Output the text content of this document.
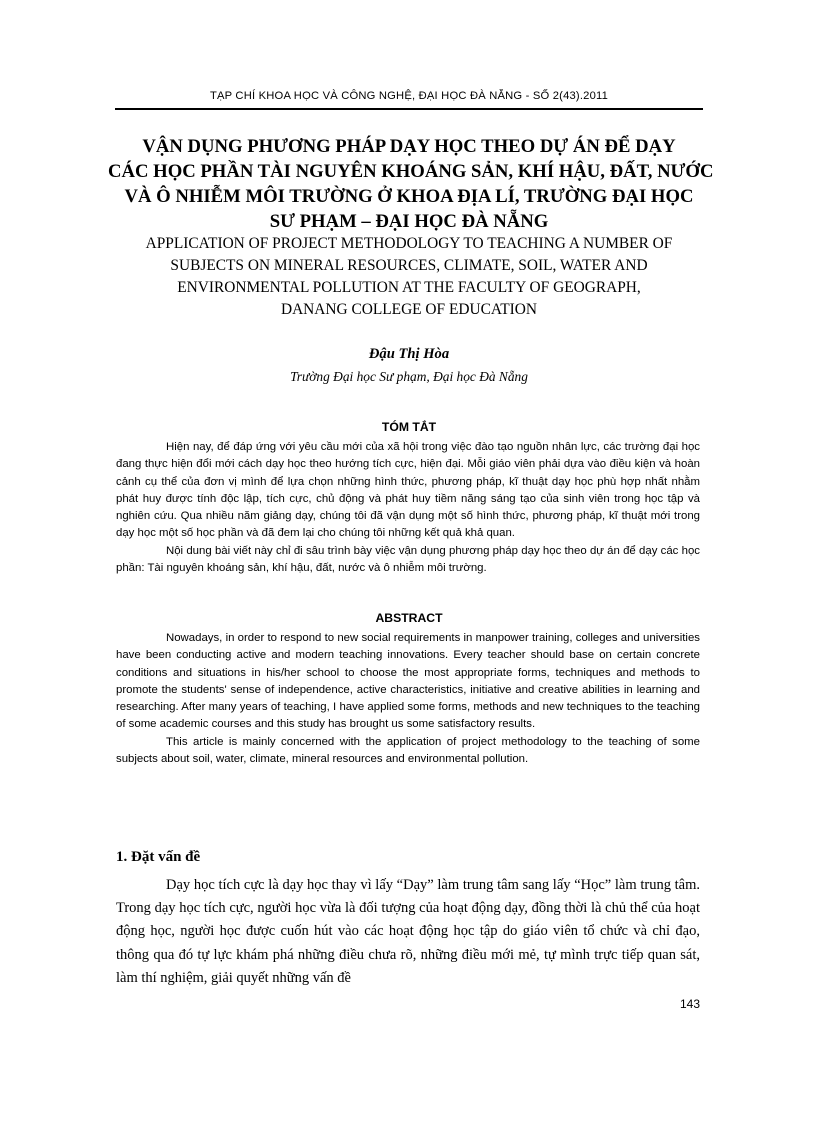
TẠP CHÍ KHOA HỌC VÀ CÔNG NGHỆ, ĐẠI HỌC ĐÀ NẴNG - SỐ 2(43).2011
VẬN DỤNG PHƯƠNG PHÁP DẠY HỌC THEO DỰ ÁN ĐỂ DẠY
CÁC HỌC PHẦN TÀI NGUYÊN KHOÁNG SẢN, KHÍ HẬU, ĐẤT, NƯỚC
VÀ Ô NHIỄM MÔI TRƯỜNG Ở KHOA ĐỊA LÍ, TRƯỜNG ĐẠI HỌC
SƯ PHẠM – ĐẠI HỌC ĐÀ NẴNG
APPLICATION OF PROJECT METHODOLOGY TO TEACHING A NUMBER OF
SUBJECTS ON MINERAL RESOURCES, CLIMATE, SOIL, WATER AND
ENVIRONMENTAL POLLUTION AT THE FACULTY OF GEOGRAPH,
DANANG COLLEGE OF EDUCATION
Đậu Thị Hòa
Trường Đại học Sư phạm, Đại học Đà Nẵng
TÓM TẮT

Hiện nay, để đáp ứng với yêu cầu mới của xã hội trong việc đào tạo nguồn nhân lực, các trường đại học đang thực hiện đổi mới cách dạy học theo hướng tích cực, hiện đại. Mỗi giáo viên phải dựa vào điều kiện và hoàn cảnh cụ thể của đơn vị mình để lựa chọn những hình thức, phương pháp, kĩ thuật dạy học phù hợp nhất nhằm phát huy được tính độc lập, tích cực, chủ động và phát huy tiềm năng sáng tạo của sinh viên trong học tập và nghiên cứu. Qua nhiều năm giảng dạy, chúng tôi đã vận dụng một số hình thức, phương pháp, kĩ thuật mới trong dạy học một số học phần và đã đem lại cho chúng tôi những kết quả khả quan.

Nội dung bài viết này chỉ đi sâu trình bày việc vận dụng phương pháp dạy học theo dự án để dạy các học phần: Tài nguyên khoáng sản, khí hậu, đất, nước và ô nhiễm môi trường.

ABSTRACT

Nowadays, in order to respond to new social requirements in manpower training, colleges and universities have been conducting active and modern teaching innovations. Every teacher should base on certain concrete conditions and situations in his/her school to choose the most appropriate forms, techniques and methods to promote the students' sense of independence, active characteristics, initiative and creative abilities in learning and researching. After many years of teaching, I have applied some forms, methods and new techniques to the teaching of some academic courses and this study has brought us some satisfactory results.

This article is mainly concerned with the application of project methodology to the teaching of some subjects about soil, water, climate, mineral resources and environmental pollution.

1. Đặt vấn đề

Dạy học tích cực là dạy học thay vì lấy “Dạy” làm trung tâm sang lấy “Học” làm trung tâm. Trong dạy học tích cực, người học vừa là đối tượng của hoạt động dạy, đồng thời là chủ thể của hoạt động học, người học được cuốn hút vào các hoạt động học tập do giáo viên tổ chức và chỉ đạo, thông qua đó tự lực khám phá những điều chưa rõ, những điều mới mẻ, tự mình trực tiếp quan sát, làm thí nghiệm, giải quyết những vấn đề

143
